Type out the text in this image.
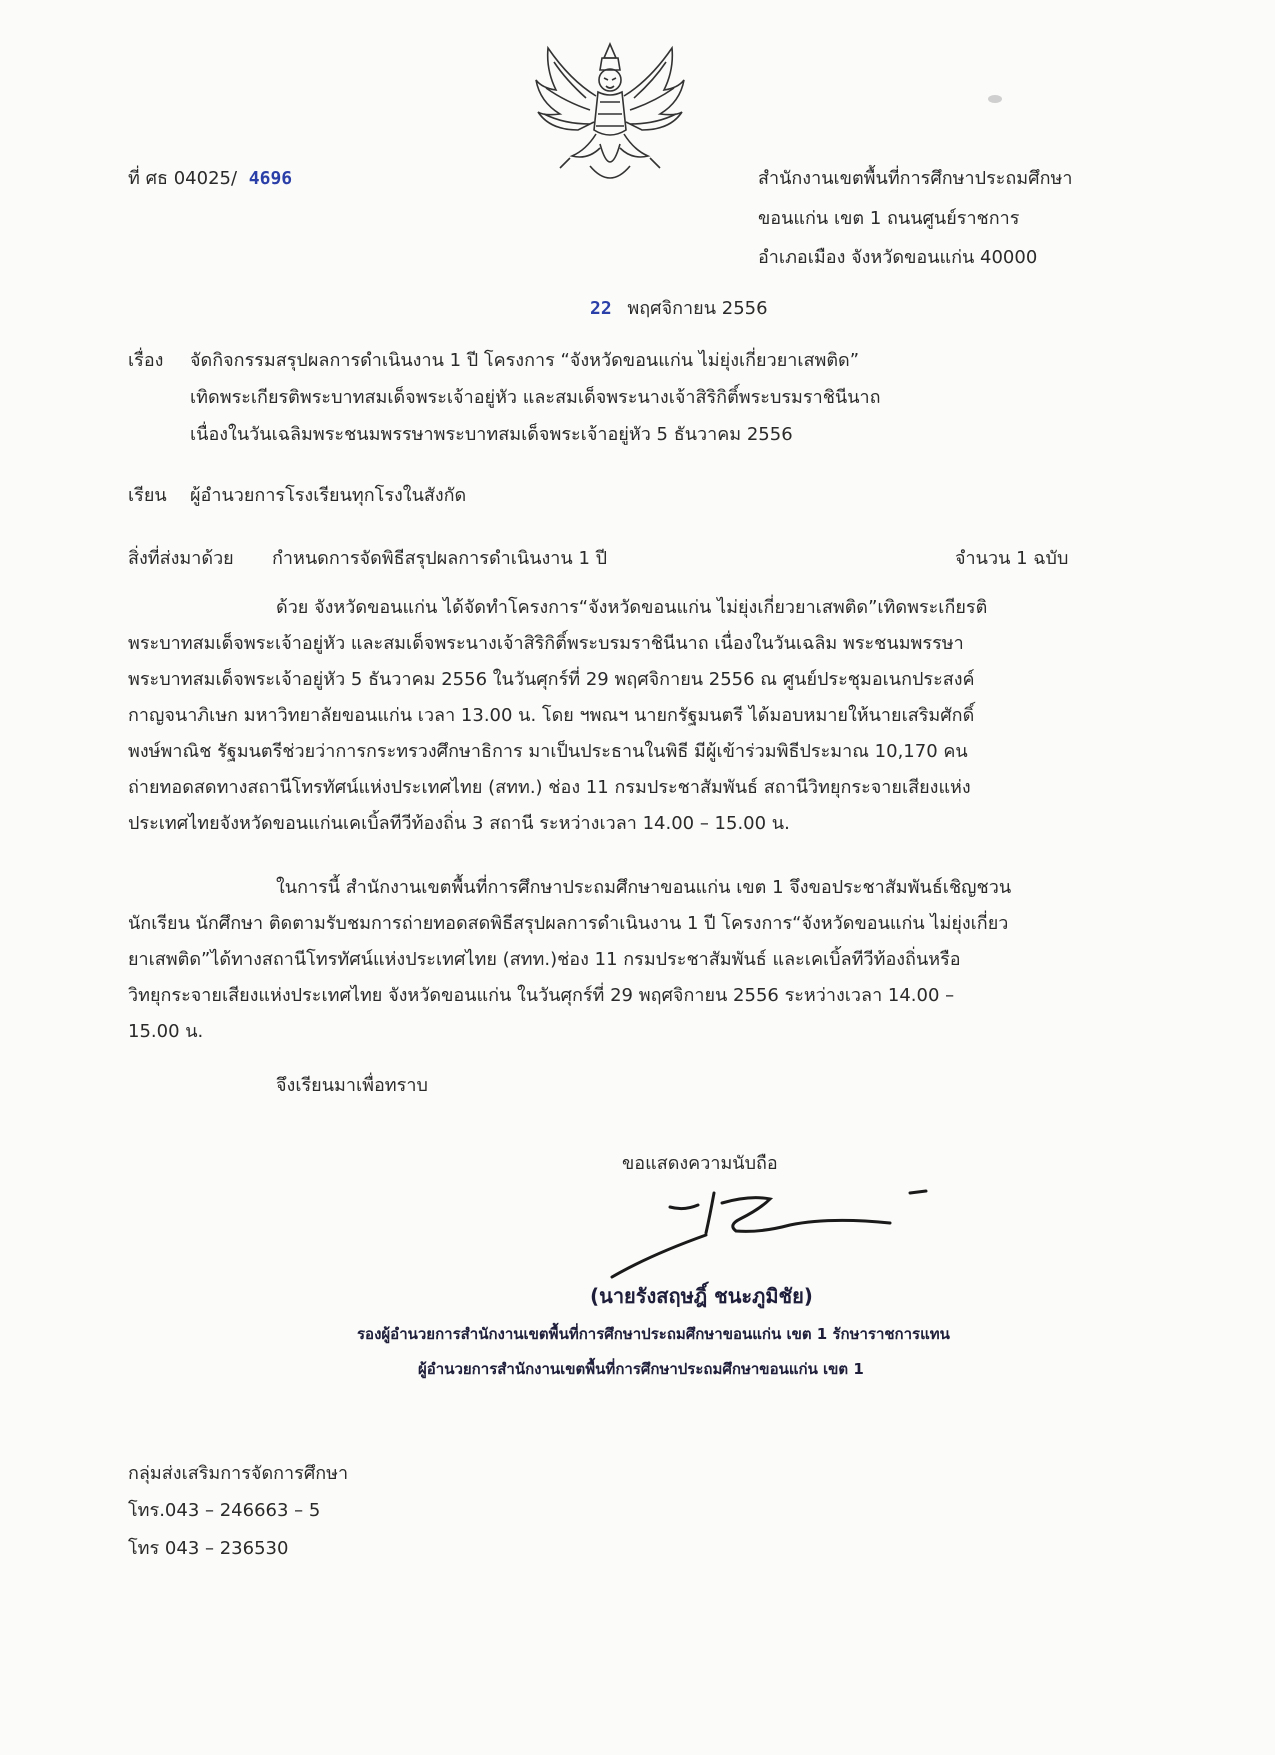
ที่ ศธ 04025/ 4696	สำนักงานเขตพื้นที่การศึกษาประถมศึกษา
ขอนแก่น เขต 1 ถนนศูนย์ราชการ
อำเภอเมือง จังหวัดขอนแก่น 40000
22 พฤศจิกายน 2556
เรื่อง จัดกิจกรรมสรุปผลการดำเนินงาน 1 ปี โครงการ “จังหวัดขอนแก่น ไม่ยุ่งเกี่ยวยาเสพติด”
เทิดพระเกียรติพระบาทสมเด็จพระเจ้าอยู่หัว และสมเด็จพระนางเจ้าสิริกิติ์พระบรมราชินีนาถ
เนื่องในวันเฉลิมพระชนมพรรษาพระบาทสมเด็จพระเจ้าอยู่หัว 5 ธันวาคม 2556
เรียน ผู้อำนวยการโรงเรียนทุกโรงในสังกัด
สิ่งที่ส่งมาด้วย กำหนดการจัดพิธีสรุปผลการดำเนินงาน 1 ปี	จำนวน 1 ฉบับ
ด้วย จังหวัดขอนแก่น ได้จัดทำโครงการ“จังหวัดขอนแก่น ไม่ยุ่งเกี่ยวยาเสพติด”เทิดพระเกียรติ
พระบาทสมเด็จพระเจ้าอยู่หัว และสมเด็จพระนางเจ้าสิริกิติ์พระบรมราชินีนาถ เนื่องในวันเฉลิม พระชนมพรรษา
พระบาทสมเด็จพระเจ้าอยู่หัว 5 ธันวาคม 2556 ในวันศุกร์ที่ 29 พฤศจิกายน 2556 ณ ศูนย์ประชุมอเนกประสงค์
กาญจนาภิเษก มหาวิทยาลัยขอนแก่น เวลา 13.00 น. โดย ฯพณฯ นายกรัฐมนตรี ได้มอบหมายให้นายเสริมศักดิ์
พงษ์พาณิช รัฐมนตรีช่วยว่าการกระทรวงศึกษาธิการ มาเป็นประธานในพิธี มีผู้เข้าร่วมพิธีประมาณ 10,170 คน
ถ่ายทอดสดทางสถานีโทรทัศน์แห่งประเทศไทย (สทท.) ช่อง 11 กรมประชาสัมพันธ์ สถานีวิทยุกระจายเสียงแห่ง
ประเทศไทยจังหวัดขอนแก่นเคเบิ้ลทีวีท้องถิ่น 3 สถานี ระหว่างเวลา 14.00 – 15.00 น.
ในการนี้ สำนักงานเขตพื้นที่การศึกษาประถมศึกษาขอนแก่น เขต 1 จึงขอประชาสัมพันธ์เชิญชวน
นักเรียน นักศึกษา ติดตามรับชมการถ่ายทอดสดพิธีสรุปผลการดำเนินงาน 1 ปี โครงการ“จังหวัดขอนแก่น ไม่ยุ่งเกี่ยว
ยาเสพติด”ได้ทางสถานีโทรทัศน์แห่งประเทศไทย (สทท.)ช่อง 11 กรมประชาสัมพันธ์ และเคเบิ้ลทีวีท้องถิ่นหรือ
วิทยุกระจายเสียงแห่งประเทศไทย จังหวัดขอนแก่น ในวันศุกร์ที่ 29 พฤศจิกายน 2556 ระหว่างเวลา 14.00 –
15.00 น.
จึงเรียนมาเพื่อทราบ
ขอแสดงความนับถือ
(นายรังสฤษฎิ์ ชนะภูมิชัย)
รองผู้อำนวยการสำนักงานเขตพื้นที่การศึกษาประถมศึกษาขอนแก่น เขต 1 รักษาราชการแทน
ผู้อำนวยการสำนักงานเขตพื้นที่การศึกษาประถมศึกษาขอนแก่น เขต 1
กลุ่มส่งเสริมการจัดการศึกษา
โทร.043 – 246663 – 5
โทร 043 – 236530
